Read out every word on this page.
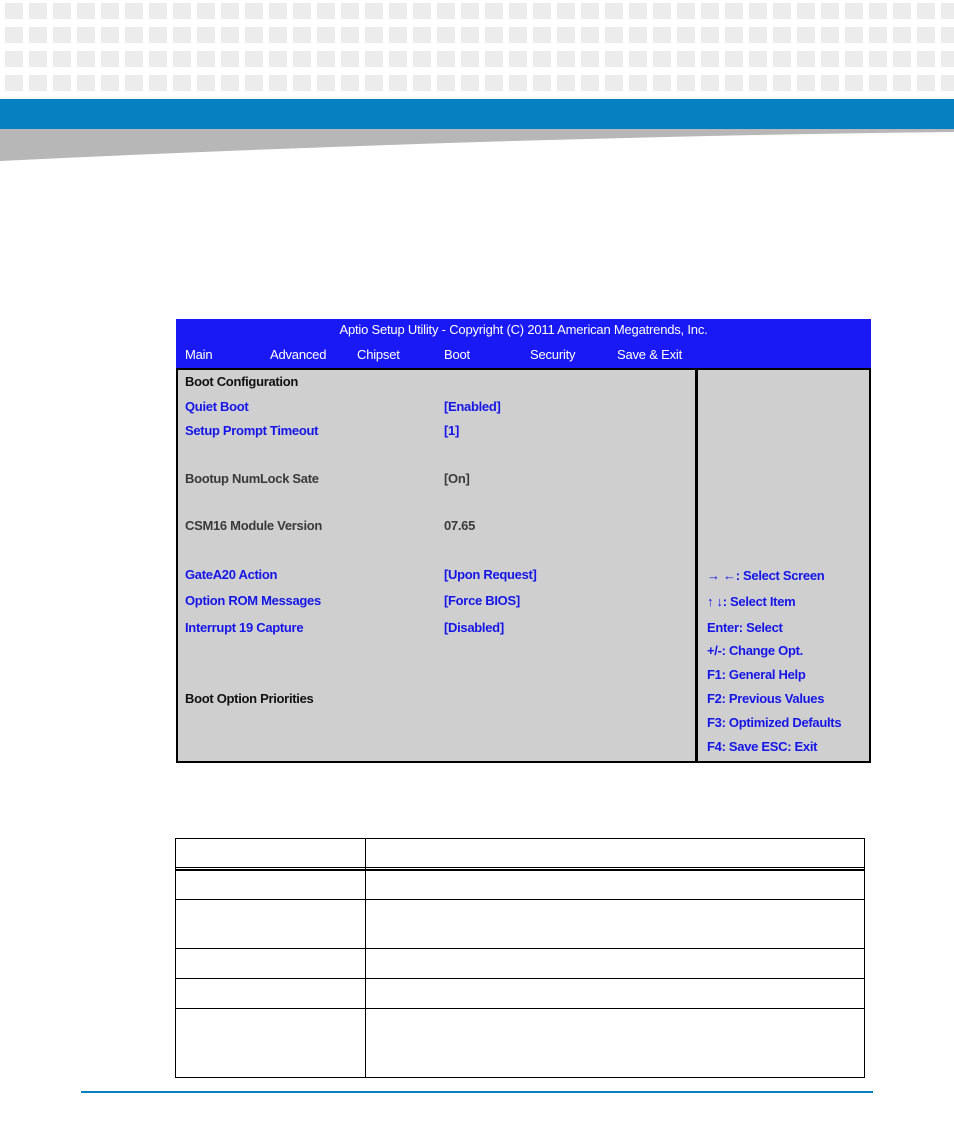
Aptio Setup Utility - Copyright (C) 2011 American Megatrends, Inc.
Main	Advanced Chipset	Boot	Security	Save & Exit
Boot Configuration
Quiet Boot	[Enabled]
Setup Prompt Timeout	[1]
Bootup NumLock Sate	[On]
CSM16 Module Version	07.65
GateA20 Action	[Upon Request]
Option ROM Messages	[Force BIOS]
Interrupt 19 Capture	[Disabled]
Boot Option Priorities
→ ←: Select Screen
↑ ↓: Select Item
Enter: Select
+/-: Change Opt.
F1: General Help
F2: Previous Values
F3: Optimized Defaults
F4: Save ESC: Exit
